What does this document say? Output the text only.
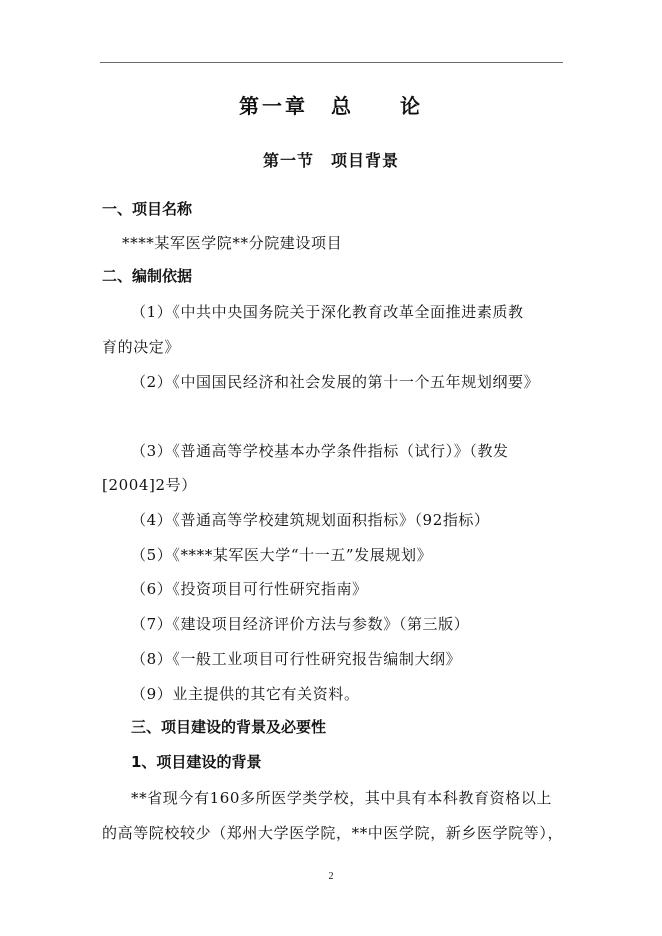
第一章　总　　论
第一节　项目背景
一、项目名称
****某军医学院**分院建设项目
二、编制依据
（1）《中共中央国务院关于深化教育改革全面推进素质教
育的决定》
（2）《中国国民经济和社会发展的第十一个五年规划纲要》
（3）《普通高等学校基本办学条件指标（试行）》（教发
[2004]2号）
（4）《普通高等学校建筑规划面积指标》（92指标）
（5）《****某军医大学“十一五”发展规划》
（6）《投资项目可行性研究指南》
（7）《建设项目经济评价方法与参数》（第三版）
（8）《一般工业项目可行性研究报告编制大纲》
（9）业主提供的其它有关资料。
三、项目建设的背景及必要性
1、项目建设的背景
**省现今有160多所医学类学校，其中具有本科教育资格以上
的高等院校较少（郑州大学医学院，**中医学院，新乡医学院等），
2
